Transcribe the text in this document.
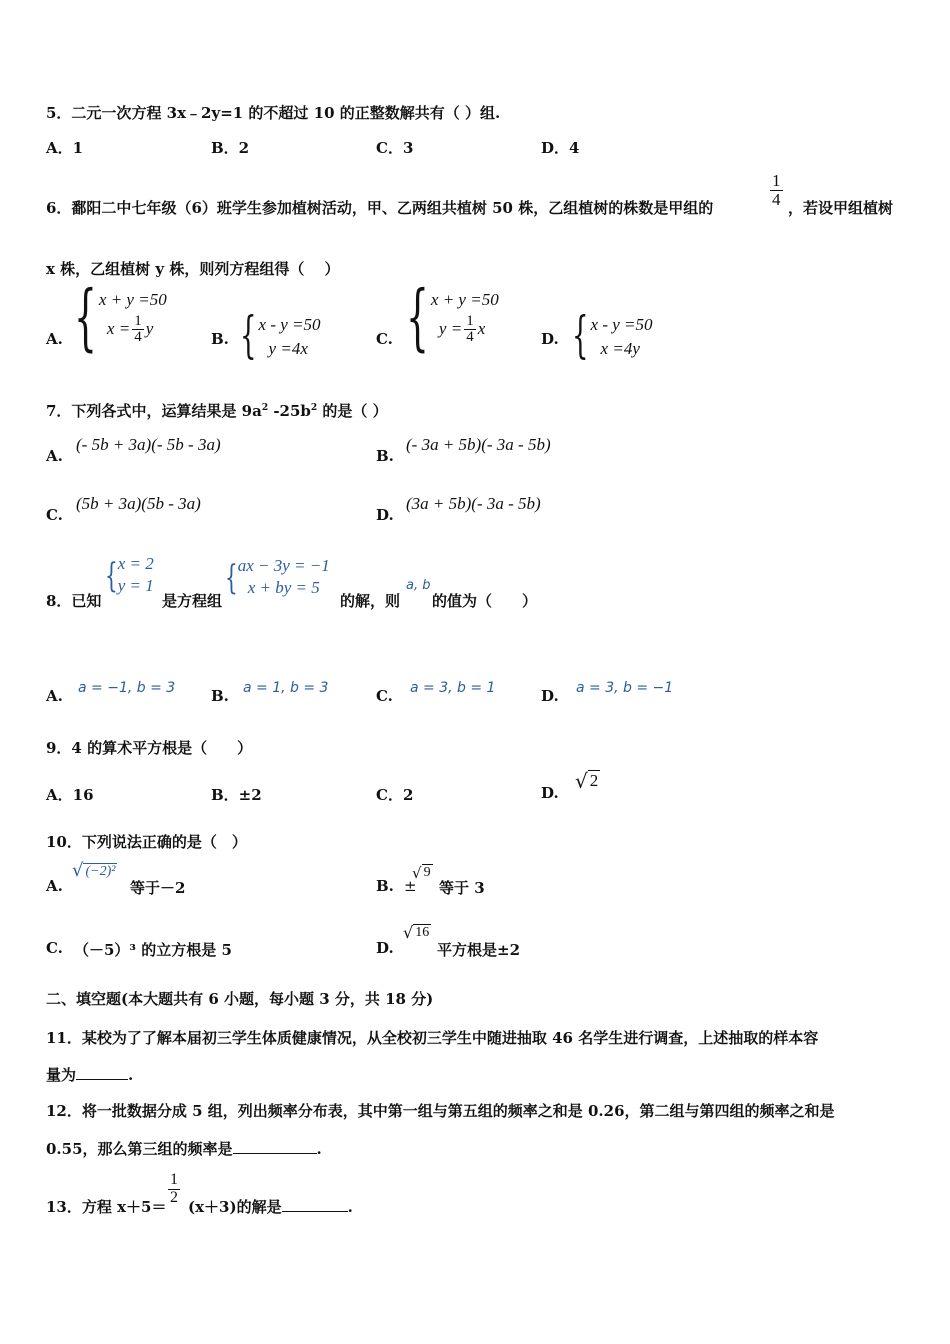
5．二元一次方程 3x﹣2y=1 的不超过 10 的正整数解共有（ ）组.
A．1	B．2	C．3	D．4
6．鄱阳二中七年级（6）班学生参加植树活动，甲、乙两组共植树 50 株，乙组植树的株数是甲组的	$\frac{1}{4}$ ，若设甲组植树
x 株，乙组植树 y 株，则列方程组得（　 ）
A. { x + y =50
$x = \frac{1}{4}$ y
B. { x - y =50
y =4x	C. { x + y =50
$y = \frac{1}{4}$ x
D. { x - y =50
x =4y
7．下列各式中，运算结果是 $9a^2$ $-25b^2$ 的是（ ）
A.
(- 5b + 3a)(- 5b - 3a)
B.
(- 3a + 5b)(- 3a - 5b)
C.
(5b + 3a)(5b - 3a)
D.
(3a + 5b)(- 3a - 5b)
8．已知
{ x = 2
y = 1
是方程组
{ ax − 3y = −1
x + by = 5
的解，则
a, b
的值为（　　）
A. a = −1, b = 3 B. a = 1, b = 3	C. a = 3, b = 1	D. a = 3, b = −1
9．4 的算术平方根是（　　）
A．16	B．±2	C．2	D.
√ 2
10．下列说法正确的是（　）
A.
√ (−2)²
等于－2	B. ±
√ 9
等于 3
C. （－5）³ 的立方根是 5	D.
√ 16
平方根是±2
二、填空题(本大题共有 6 小题，每小题 3 分，共 18 分)
11．某校为了了解本届初三学生体质健康情况，从全校初三学生中随进抽取 46 名学生进行调查，上述抽取的样本容
量为	.
12．将一批数据分成 5 组，列出频率分布表，其中第一组与第五组的频率之和是 0.26，第二组与第四组的频率之和是
0.55，那么第三组的频率是	.
13．方程 x＋5＝
$\frac{1}{2}$
(x＋3)的解是	.
